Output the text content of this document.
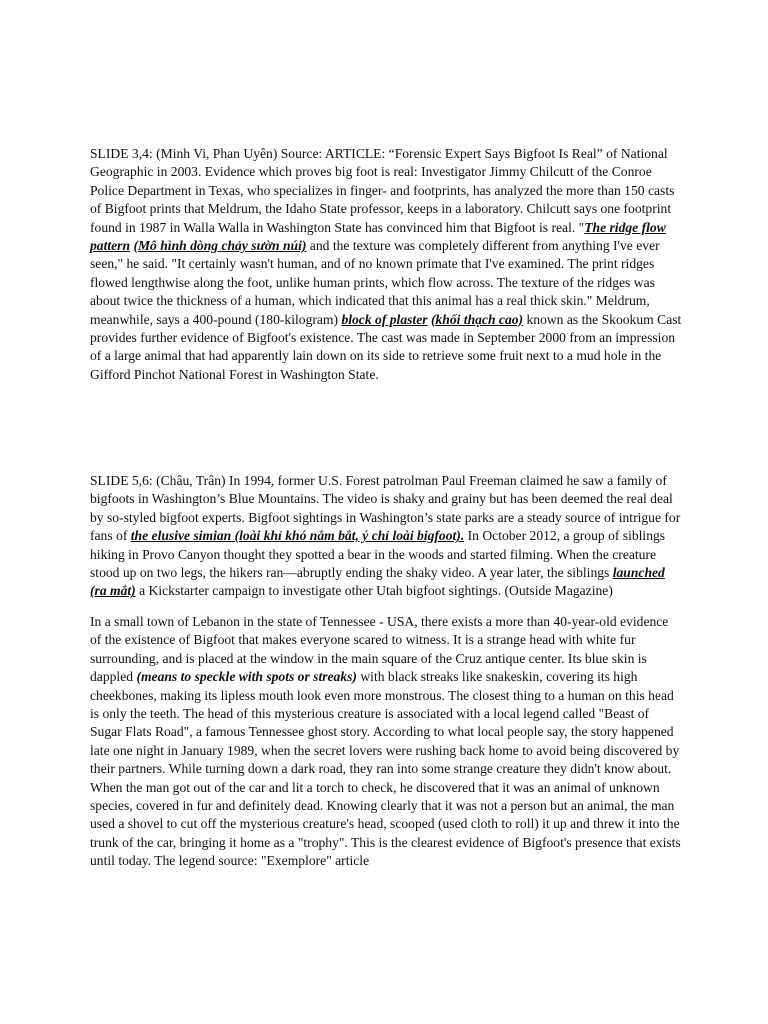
SLIDE 3,4: (Minh Vi, Phan Uyên) Source: ARTICLE: “Forensic Expert Says Bigfoot Is Real” of National Geographic in 2003. Evidence which proves big foot is real: Investigator Jimmy Chilcutt of the Conroe Police Department in Texas, who specializes in finger- and footprints, has analyzed the more than 150 casts of Bigfoot prints that Meldrum, the Idaho State professor, keeps in a laboratory. Chilcutt says one footprint found in 1987 in Walla Walla in Washington State has convinced him that Bigfoot is real. "The ridge flow pattern (Mô hình dòng chảy sườn núi) and the texture was completely different from anything I've ever seen," he said. "It certainly wasn't human, and of no known primate that I've examined. The print ridges flowed lengthwise along the foot, unlike human prints, which flow across. The texture of the ridges was about twice the thickness of a human, which indicated that this animal has a real thick skin." Meldrum, meanwhile, says a 400-pound (180-kilogram) block of plaster (khối thạch cao) known as the Skookum Cast provides further evidence of Bigfoot's existence. The cast was made in September 2000 from an impression of a large animal that had apparently lain down on its side to retrieve some fruit next to a mud hole in the Gifford Pinchot National Forest in Washington State.

SLIDE 5,6: (Châu, Trân) In 1994, former U.S. Forest patrolman Paul Freeman claimed he saw a family of bigfoots in Washington’s Blue Mountains. The video is shaky and grainy but has been deemed the real deal by so-styled bigfoot experts. Bigfoot sightings in Washington’s state parks are a steady source of intrigue for fans of the elusive simian (loài khỉ khó nắm bắt, ý chỉ loài bigfoot). In October 2012, a group of siblings hiking in Provo Canyon thought they spotted a bear in the woods and started filming. When the creature stood up on two legs, the hikers ran—abruptly ending the shaky video. A year later, the siblings launched (ra mắt) a Kickstarter campaign to investigate other Utah bigfoot sightings. (Outside Magazine)

In a small town of Lebanon in the state of Tennessee - USA, there exists a more than 40-year-old evidence of the existence of Bigfoot that makes everyone scared to witness. It is a strange head with white fur surrounding, and is placed at the window in the main square of the Cruz antique center. Its blue skin is dappled (means to speckle with spots or streaks) with black streaks like snakeskin, covering its high cheekbones, making its lipless mouth look even more monstrous. The closest thing to a human on this head is only the teeth. The head of this mysterious creature is associated with a local legend called "Beast of Sugar Flats Road", a famous Tennessee ghost story. According to what local people say, the story happened late one night in January 1989, when the secret lovers were rushing back home to avoid being discovered by their partners. While turning down a dark road, they ran into some strange creature they didn't know about. When the man got out of the car and lit a torch to check, he discovered that it was an animal of unknown species, covered in fur and definitely dead. Knowing clearly that it was not a person but an animal, the man used a shovel to cut off the mysterious creature's head, scooped (used cloth to roll) it up and threw it into the trunk of the car, bringing it home as a "trophy". This is the clearest evidence of Bigfoot's presence that exists until today. The legend source: "Exemplore" article
